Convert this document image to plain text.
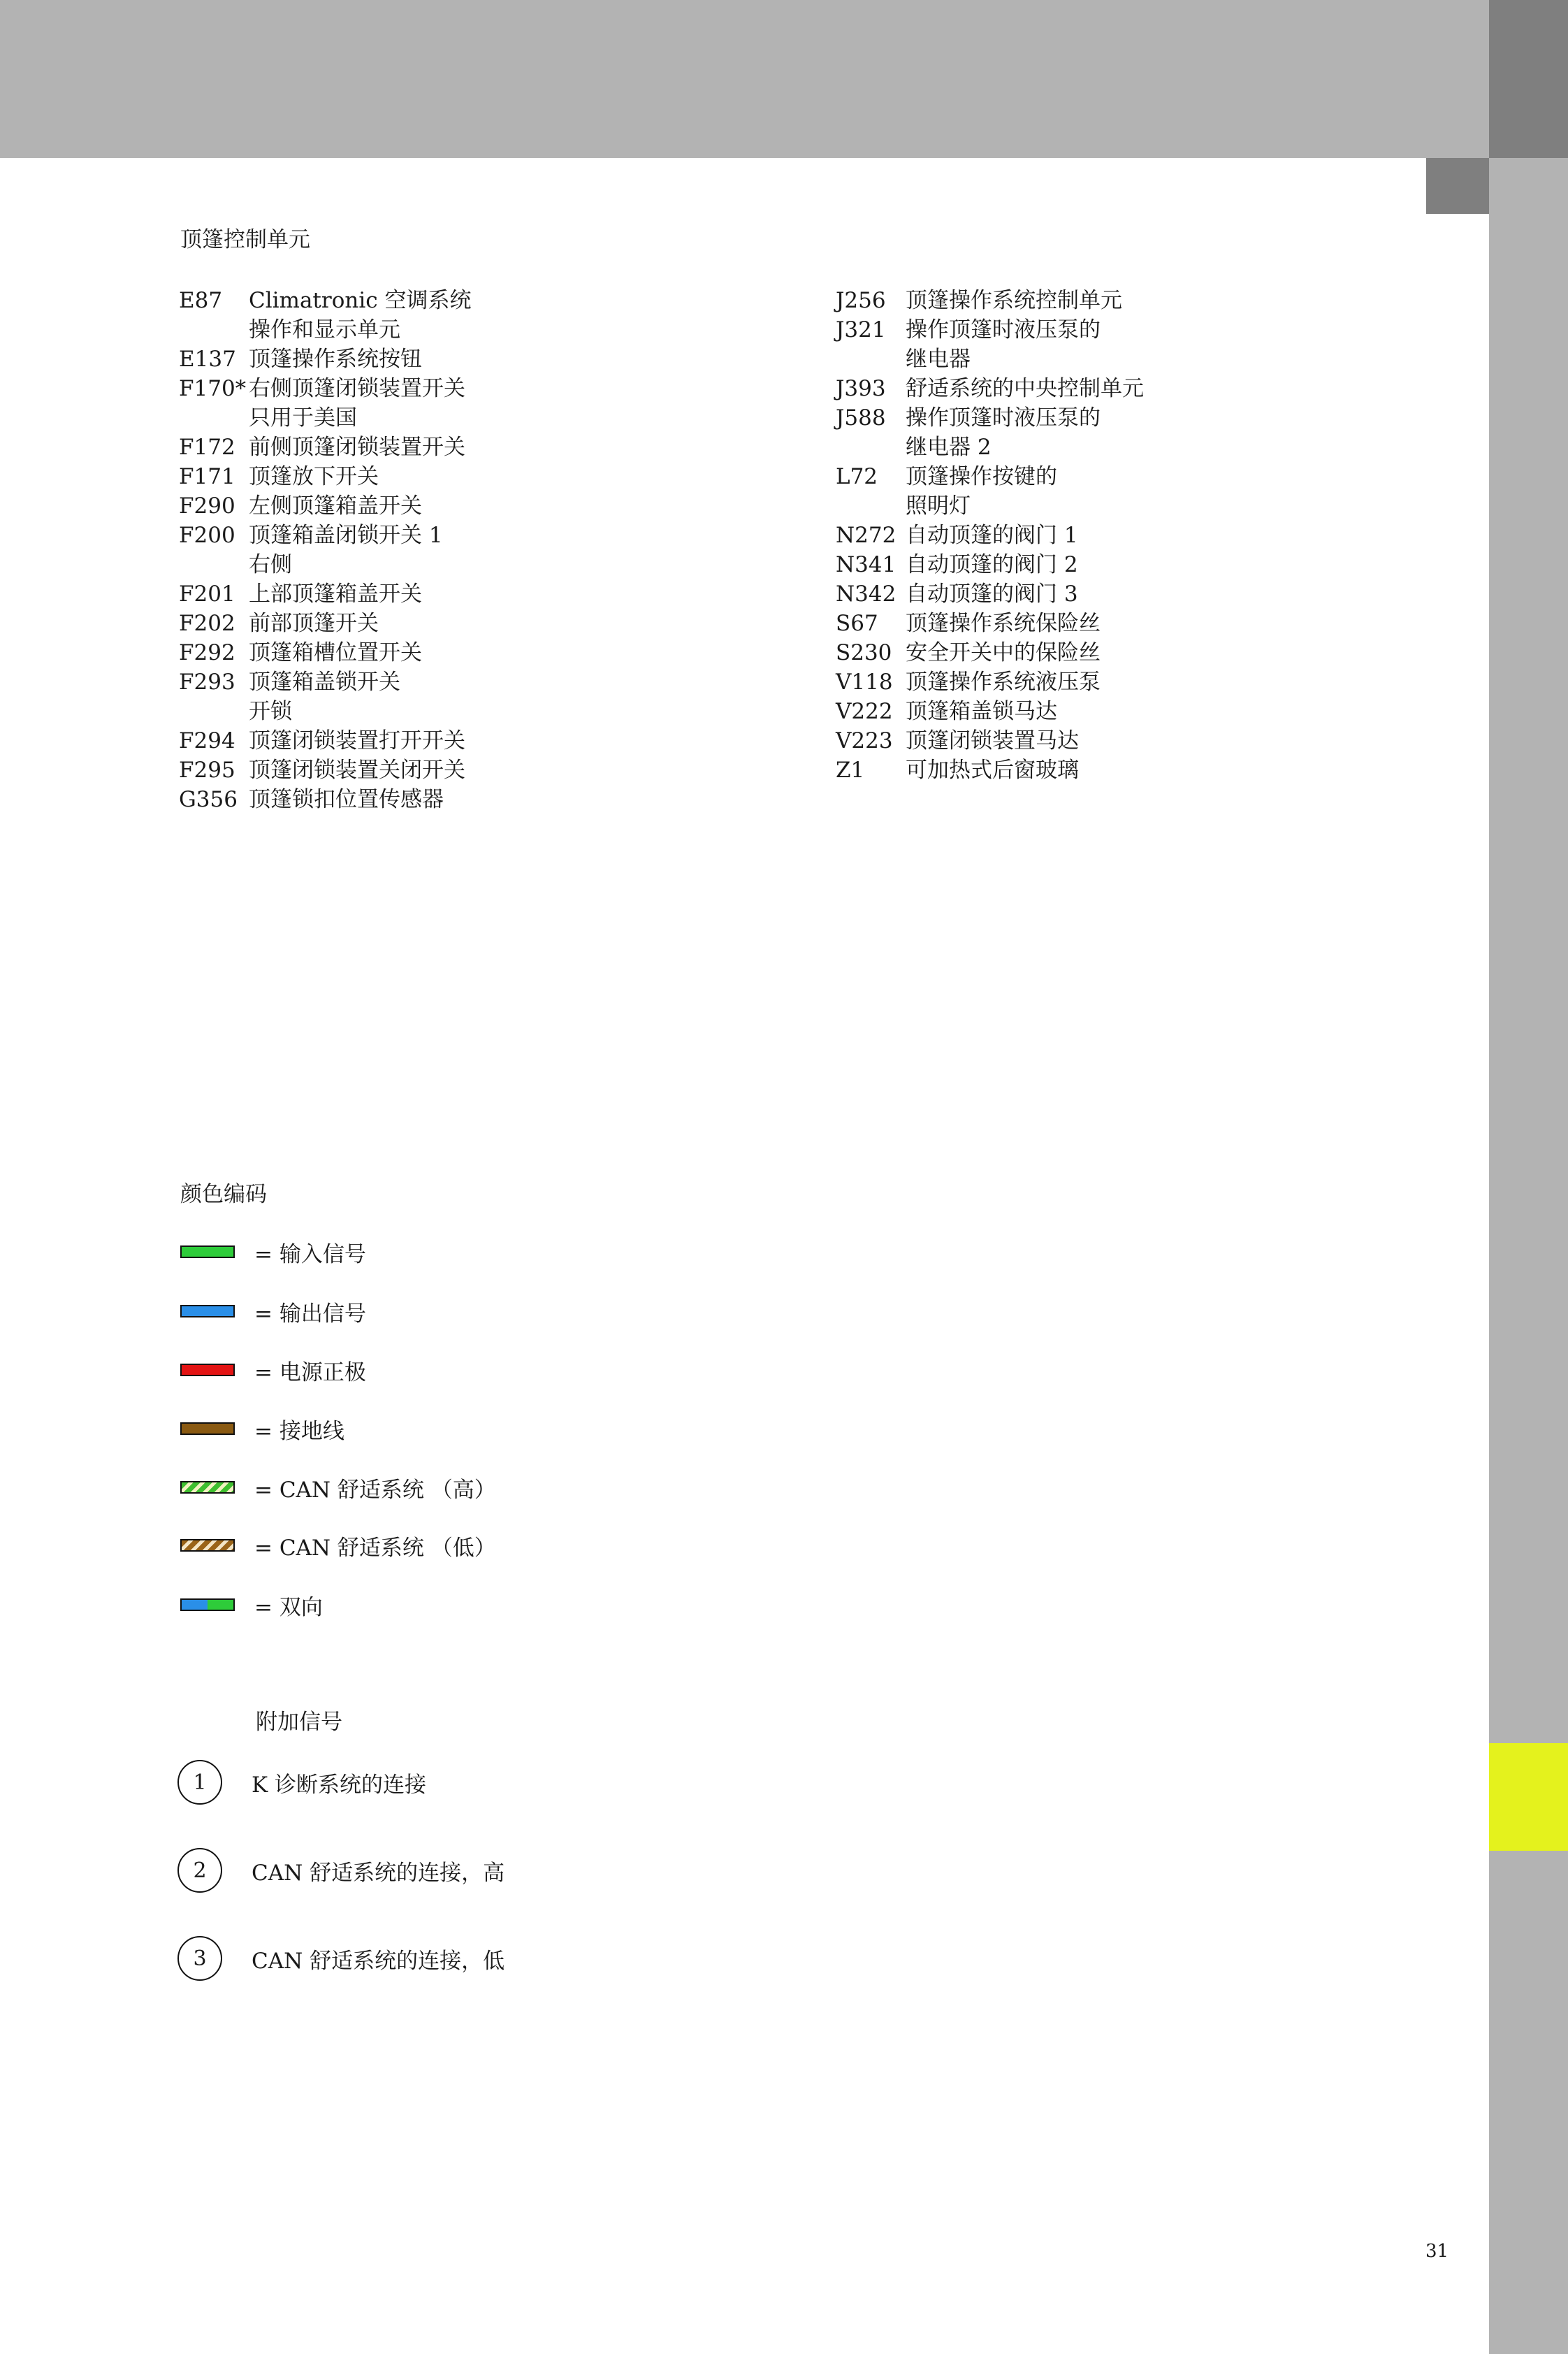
顶篷控制单元
E87	Climatronic 空调系统
操作和显示单元
E137 顶篷操作系统按钮
F170* 右侧顶篷闭锁装置开关
只用于美国
F172 前侧顶篷闭锁装置开关
F171 顶篷放下开关
F290 左侧顶篷箱盖开关
F200 顶篷箱盖闭锁开关 1
右侧
F201 上部顶篷箱盖开关
F202 前部顶篷开关
F292 顶篷箱槽位置开关
F293 顶篷箱盖锁开关
开锁
F294 顶篷闭锁装置打开开关
F295 顶篷闭锁装置关闭开关
G356 顶篷锁扣位置传感器
J256 顶篷操作系统控制单元
J321 操作顶篷时液压泵的
继电器
J393 舒适系统的中央控制单元
J588 操作顶篷时液压泵的
继电器 2
L72	顶篷操作按键的
照明灯
N272 自动顶篷的阀门 1
N341 自动顶篷的阀门 2
N342 自动顶篷的阀门 3
S67	顶篷操作系统保险丝
S230 安全开关中的保险丝
V118 顶篷操作系统液压泵
V222 顶篷箱盖锁马达
V223 顶篷闭锁装置马达
Z1	可加热式后窗玻璃
颜色编码
= 输入信号
= 输出信号
= 电源正极
= 接地线
= CAN 舒适系统 （高）
= CAN 舒适系统 （低）
= 双向
附加信号
1	K 诊断系统的连接
2	CAN 舒适系统的连接，高
3	CAN 舒适系统的连接，低
31
